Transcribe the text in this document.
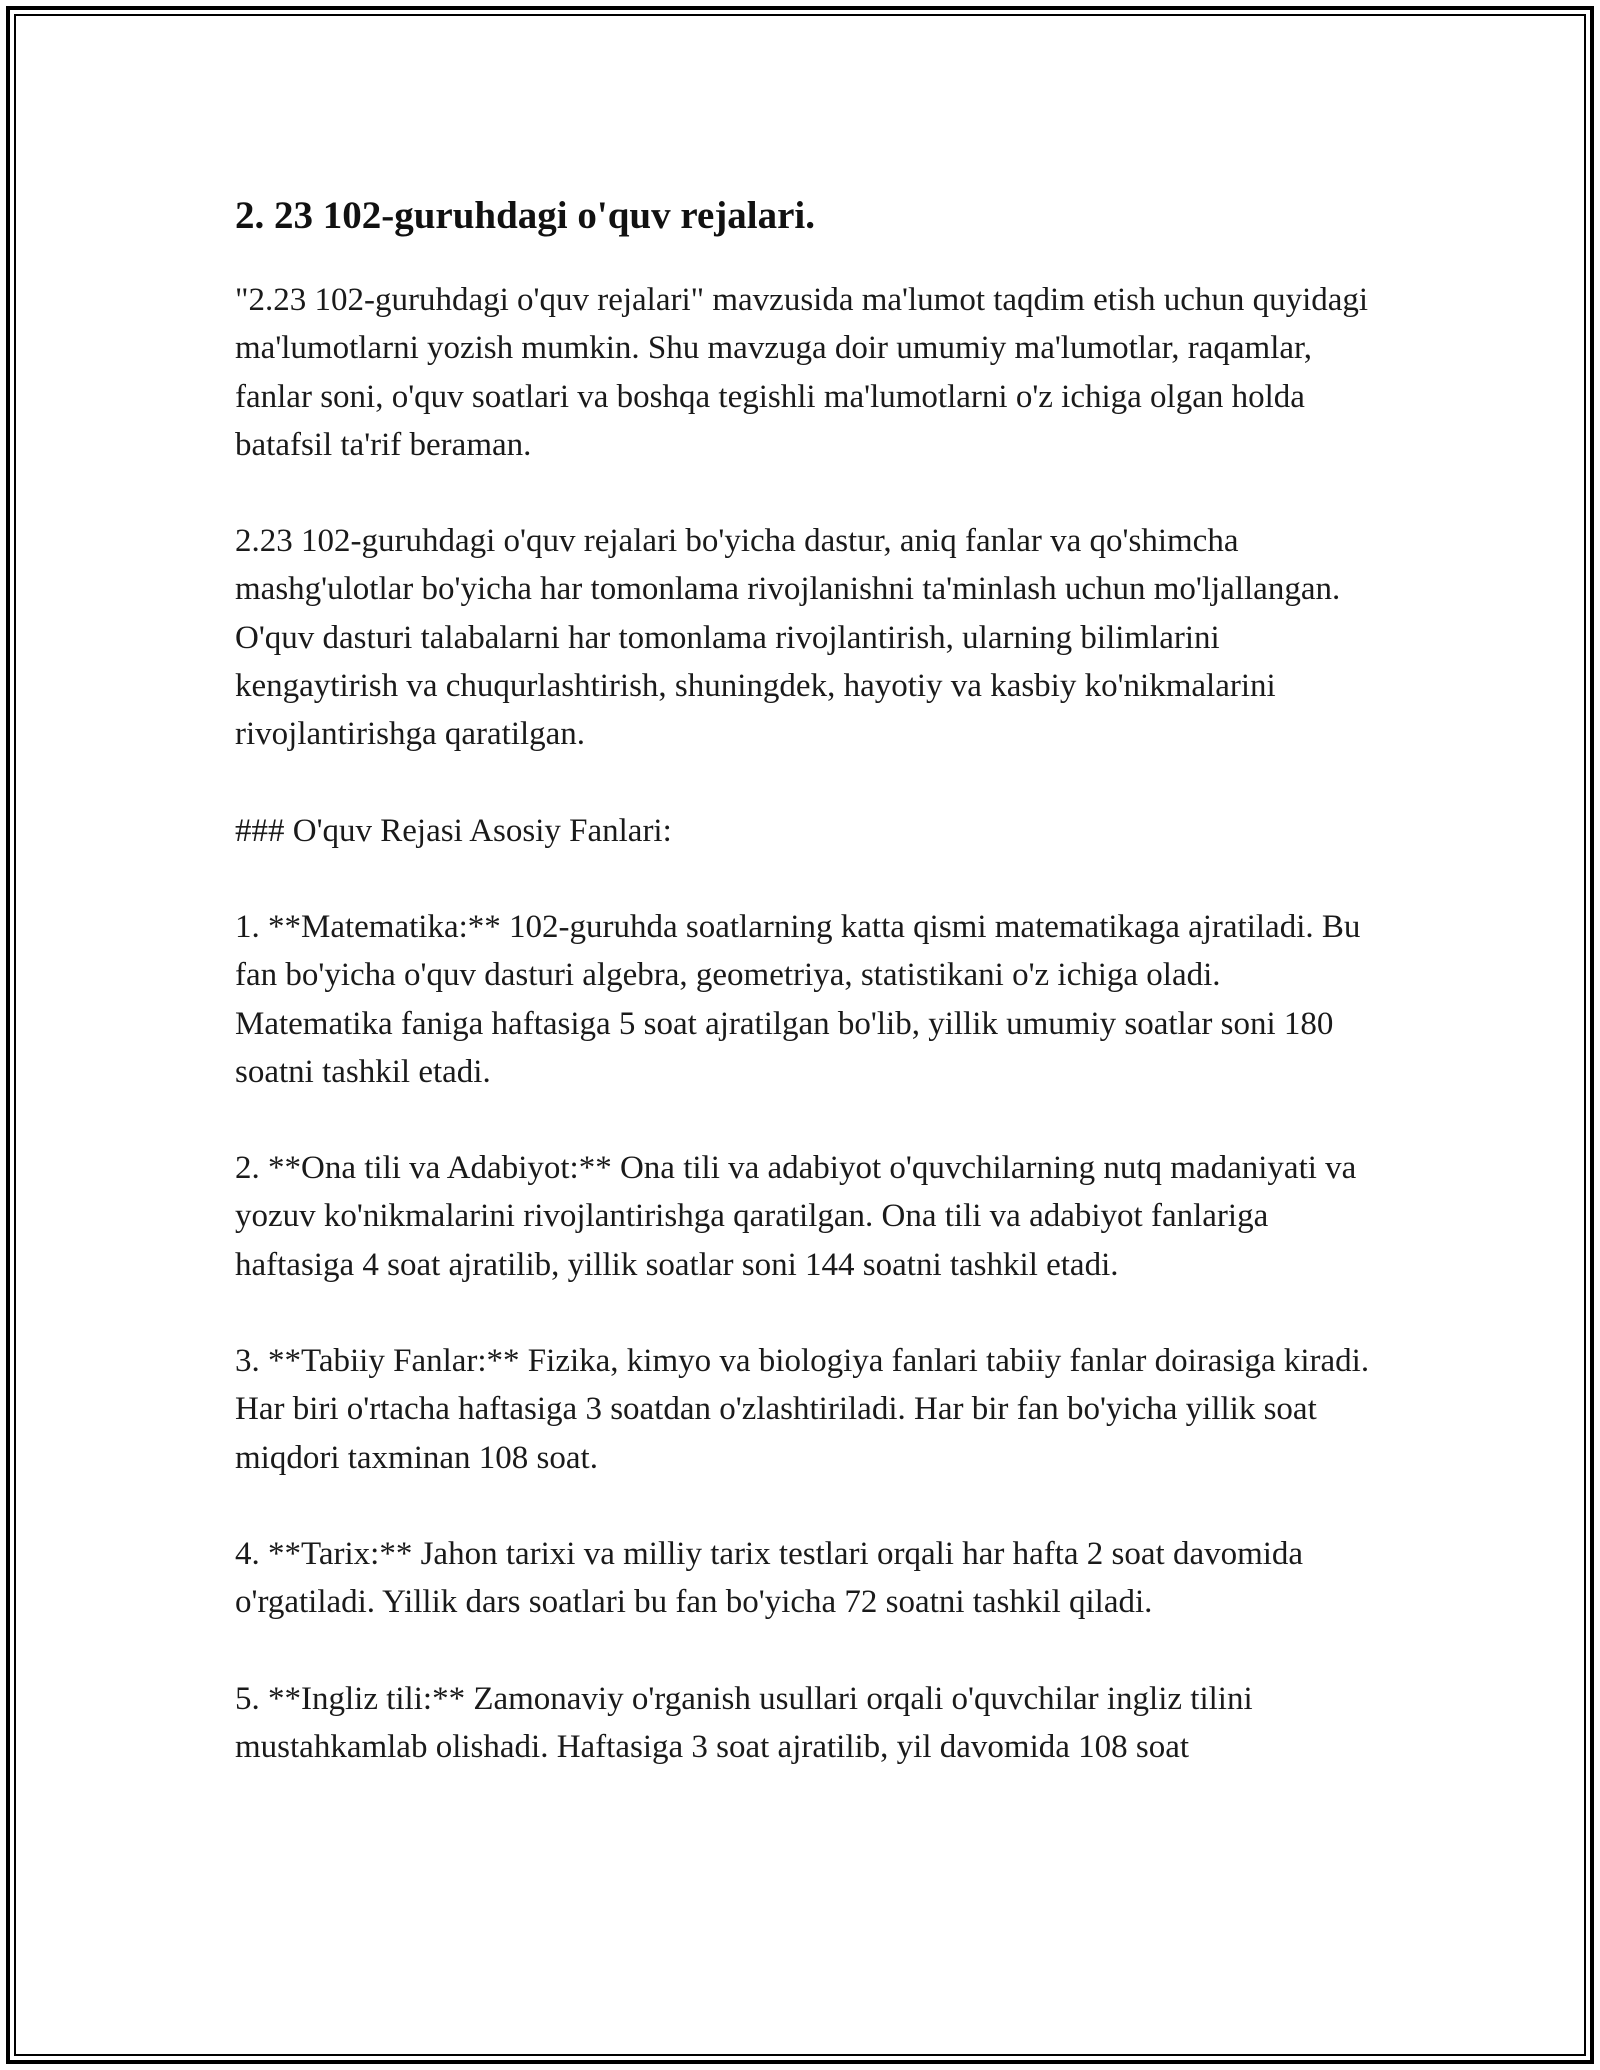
2. 23 102-guruhdagi o'quv rejalari.

"2.23 102-guruhdagi o'quv rejalari" mavzusida ma'lumot taqdim etish uchun quyidagi ma'lumotlarni yozish mumkin. Shu mavzuga doir umumiy ma'lumotlar, raqamlar, fanlar soni, o'quv soatlari va boshqa tegishli ma'lumotlarni o'z ichiga olgan holda batafsil ta'rif beraman.

2.23 102-guruhdagi o'quv rejalari bo'yicha dastur, aniq fanlar va qo'shimcha mashg'ulotlar bo'yicha har tomonlama rivojlanishni ta'minlash uchun mo'ljallangan. O'quv dasturi talabalarni har tomonlama rivojlantirish, ularning bilimlarini kengaytirish va chuqurlashtirish, shuningdek, hayotiy va kasbiy ko'nikmalarini rivojlantirishga qaratilgan.

### O'quv Rejasi Asosiy Fanlari:

1. **Matematika:** 102-guruhda soatlarning katta qismi matematikaga ajratiladi. Bu fan bo'yicha o'quv dasturi algebra, geometriya, statistikani o'z ichiga oladi. Matematika faniga haftasiga 5 soat ajratilgan bo'lib, yillik umumiy soatlar soni 180 soatni tashkil etadi.

2. **Ona tili va Adabiyot:** Ona tili va adabiyot o'quvchilarning nutq madaniyati va yozuv ko'nikmalarini rivojlantirishga qaratilgan. Ona tili va adabiyot fanlariga haftasiga 4 soat ajratilib, yillik soatlar soni 144 soatni tashkil etadi.

3. **Tabiiy Fanlar:** Fizika, kimyo va biologiya fanlari tabiiy fanlar doirasiga kiradi. Har biri o'rtacha haftasiga 3 soatdan o'zlashtiriladi. Har bir fan bo'yicha yillik soat miqdori taxminan 108 soat.

4. **Tarix:** Jahon tarixi va milliy tarix testlari orqali har hafta 2 soat davomida o'rgatiladi. Yillik dars soatlari bu fan bo'yicha 72 soatni tashkil qiladi.

5. **Ingliz tili:** Zamonaviy o'rganish usullari orqali o'quvchilar ingliz tilini mustahkamlab olishadi. Haftasiga 3 soat ajratilib, yil davomida 108 soat
